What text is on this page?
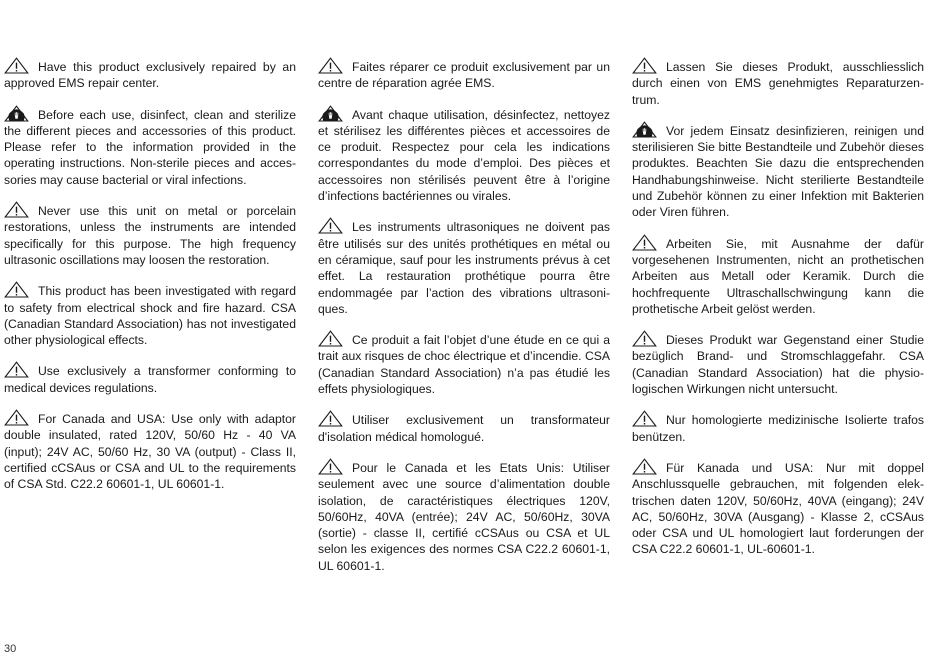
Have this product exclusively repaired by an approved EMS repair center.

Before each use, disinfect, clean and sterilize the different pieces and accessories of this product. Please refer to the information provided in the operating instructions. Non-sterile pieces and accessories may cause bacterial or viral infections.

Never use this unit on metal or porcelain restorations, unless the instruments are intended specifically for this purpose. The high frequency ultrasonic oscillations may loosen the restoration.

This product has been investigated with regard to safety from electrical shock and fire hazard. CSA (Canadian Standard Association) has not investigated other physiological effects.

Use exclusively a transformer conforming to medical devices regulations.

For Canada and USA: Use only with adaptor double insulated, rated 120V, 50/60 Hz - 40 VA (input); 24V AC, 50/60 Hz, 30 VA (output) - Class II, certified cCSAus or CSA and UL to the requirements of CSA Std. C22.2 60601-1, UL 60601-1.

Faites réparer ce produit exclusivement par un centre de réparation agrée EMS.

Avant chaque utilisation, désinfectez, nettoyez et stérilisez les différentes pièces et accessoires de ce produit. Respectez pour cela les indications correspondantes du mode d’emploi. Des pièces et accessoires non stérilisés peuvent être à l’origine d’infections bactériennes ou virales.

Les instruments ultrasoniques ne doivent pas être utilisés sur des unités prothétiques en métal ou en céramique, sauf pour les instruments prévus à cet effet. La restauration prothétique pourra être endommagée par l’action des vibrations ultrasoniques.

Ce produit a fait l’objet d’une étude en ce qui a trait aux risques de choc électrique et d’incendie. CSA (Canadian Standard Association) n’a pas étudié les effets physiologiques.

Utiliser exclusivement un transformateur d'isolation médical homologué.

Pour le Canada et les Etats Unis: Utiliser seulement avec une source d’alimentation double isolation, de caractéristiques électriques 120V, 50/60Hz, 40VA (entrée); 24V AC, 50/60Hz, 30VA (sortie) - classe II, certifié cCSAus ou CSA et UL selon les exigences des normes CSA C22.2 60601-1, UL 60601-1.

Lassen Sie dieses Produkt, ausschliesslich durch einen von EMS genehmigtes Reparaturzentrum.

Vor jedem Einsatz desinfizieren, reinigen und sterilisieren Sie bitte Bestandteile und Zubehör dieses produktes. Beachten Sie dazu die entsprechenden Handhabungshinweise. Nicht sterilierte Bestandteile und Zubehör können zu einer Infektion mit Bakterien oder Viren führen.

Arbeiten Sie, mit Ausnahme der dafür vorgesehenen Instrumenten, nicht an prothetischen Arbeiten aus Metall oder Keramik. Durch die hochfrequente Ultraschallschwingung kann die prothetische Arbeit gelöst werden.

Dieses Produkt war Gegenstand einer Studie bezüglich Brand- und Stromschlaggefahr. CSA (Canadian Standard Association) hat die physiologischen Wirkungen nicht untersucht.

Nur homologierte medizinische Isolierte trafos benützen.

Für Kanada und USA: Nur mit doppel Anschlussquelle gebrauchen, mit folgenden elektrischen daten 120V, 50/60Hz, 40VA (eingang); 24V AC, 50/60Hz, 30VA (Ausgang) - Klasse 2, cCSAus oder CSA und UL homologiert laut forderungen der CSA C22.2 60601-1, UL-60601-1.

30
